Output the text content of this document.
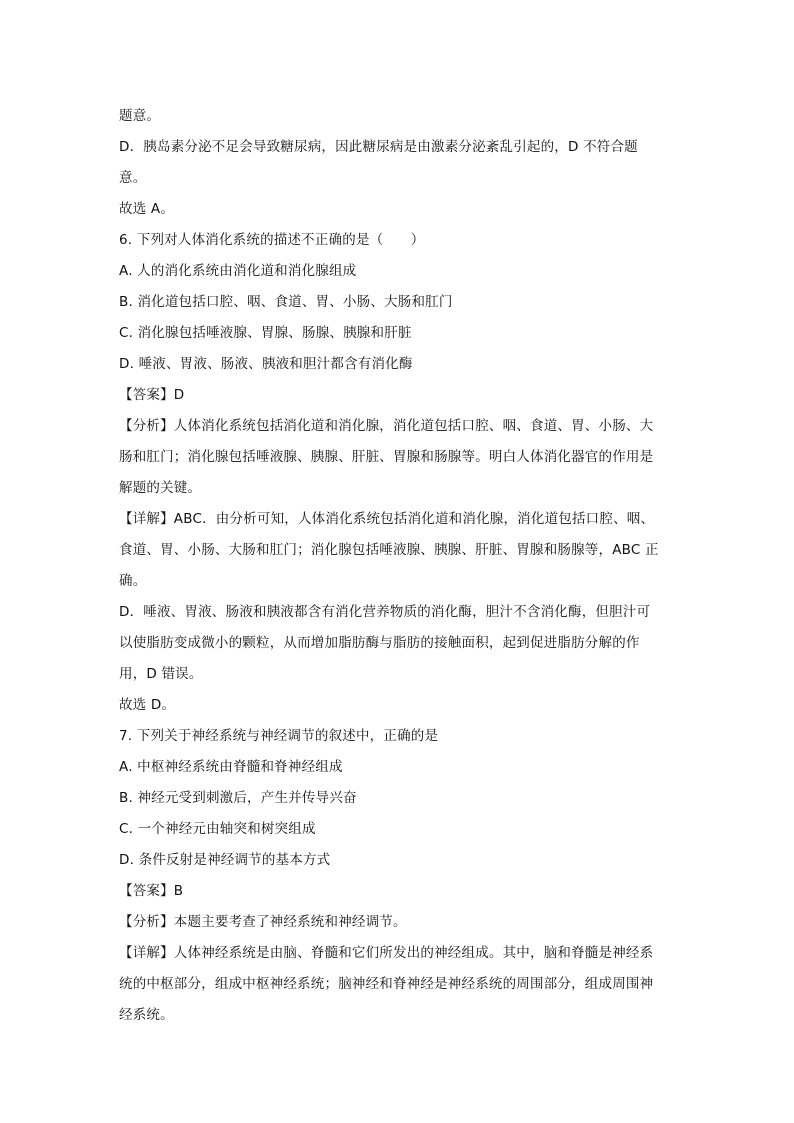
题意。
D．胰岛素分泌不足会导致糖尿病，因此糖尿病是由激素分泌紊乱引起的，D 不符合题
意。
故选 A。
6. 下列对人体消化系统的描述不正确的是（　　）
A. 人的消化系统由消化道和消化腺组成
B. 消化道包括口腔、咽、食道、胃、小肠、大肠和肛门
C. 消化腺包括唾液腺、胃腺、肠腺、胰腺和肝脏
D. 唾液、胃液、肠液、胰液和胆汁都含有消化酶
【答案】D
【分析】人体消化系统包括消化道和消化腺，消化道包括口腔、咽、食道、胃、小肠、大
肠和肛门；消化腺包括唾液腺、胰腺、肝脏、胃腺和肠腺等。明白人体消化器官的作用是
解题的关键。
【详解】ABC．由分析可知，人体消化系统包括消化道和消化腺，消化道包括口腔、咽、
食道、胃、小肠、大肠和肛门；消化腺包括唾液腺、胰腺、肝脏、胃腺和肠腺等，ABC 正
确。
D．唾液、胃液、肠液和胰液都含有消化营养物质的消化酶，胆汁不含消化酶，但胆汁可
以使脂肪变成微小的颗粒，从而增加脂肪酶与脂肪的接触面积，起到促进脂肪分解的作
用，D 错误。
故选 D。
7. 下列关于神经系统与神经调节的叙述中，正确的是
A. 中枢神经系统由脊髓和脊神经组成
B. 神经元受到刺激后，产生并传导兴奋
C. 一个神经元由轴突和树突组成
D. 条件反射是神经调节的基本方式
【答案】B
【分析】本题主要考查了神经系统和神经调节。
【详解】人体神经系统是由脑、脊髓和它们所发出的神经组成。其中，脑和脊髓是神经系
统的中枢部分，组成中枢神经系统；脑神经和脊神经是神经系统的周围部分，组成周围神
经系统。
